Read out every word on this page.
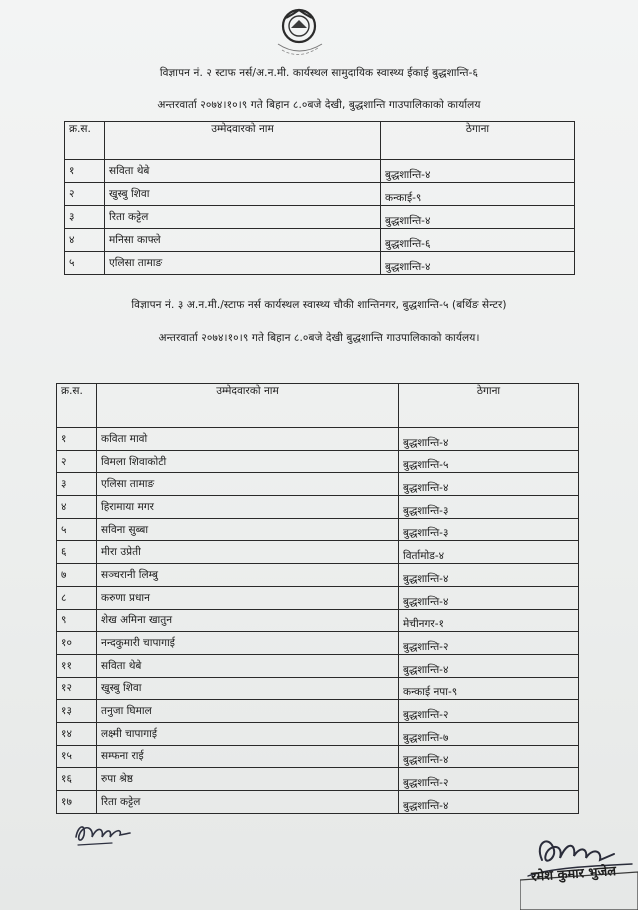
विज्ञापन नं. २ स्टाफ नर्स/अ.न.मी. कार्यस्थल सामुदायिक स्वास्थ्य ईकाई बुद्धशान्ति-६
अन्तरवार्ता २०७४।१०।९ गते बिहान ८.०बजे देखी, बुद्धशान्ति गाउपालिकाको कार्यालय
क्र.स.	उम्मेदवारको नाम	ठेगाना
१	सविता थेबे	बुद्धशान्ति-४
२	खुस्बु शिवा	कन्काई-९
३	रिता कट्टेल	बुद्धशान्ति-४
४	मनिसा काफ्ले	बुद्धशान्ति-६
५	एलिसा तामाङ	बुद्धशान्ति-४
विज्ञापन नं. ३ अ.न.मी./स्टाफ नर्स कार्यस्थल स्वास्थ्य चौकी शान्तिनगर, बुद्धशान्ति-५ (बर्थिङ सेन्टर)
अन्तरवार्ता २०७४।१०।९ गते बिहान ८.०बजे देखी बुद्धशान्ति गाउपालिकाको कार्यलय।
क्र.स.	उम्मेदवारको नाम	ठेगाना
१	कविता मावो	बुद्धशान्ति-४
२	विमला शिवाकोटी	बुद्धशान्ति-५
३	एलिसा तामाङ	बुद्धशान्ति-४
४	हिरामाया मगर	बुद्धशान्ति-३
५	सविना सुब्बा	बुद्धशान्ति-३
६	मीरा उप्रेती	विर्तामोड-४
७	सञ्चरानी लिम्बु	बुद्धशान्ति-४
८	करुणा प्रधान	बुद्धशान्ति-४
९	शेख अमिना खातुन	मेचीनगर-१
१०	नन्दकुमारी चापागाई	बुद्धशान्ति-२
११	सविता थेबे	बुद्धशान्ति-४
१२	खुस्बु शिवा	कन्काई नपा-९
१३	तनुजा घिमाल	बुद्धशान्ति-२
१४	लक्ष्मी चापागाई	बुद्धशान्ति-७
१५	सम्फना राई	बुद्धशान्ति-४
१६	रुपा श्रेष्ठ	बुद्धशान्ति-२
१७	रिता कट्टेल	बुद्धशान्ति-४
रमेश कुमार भुजेल
